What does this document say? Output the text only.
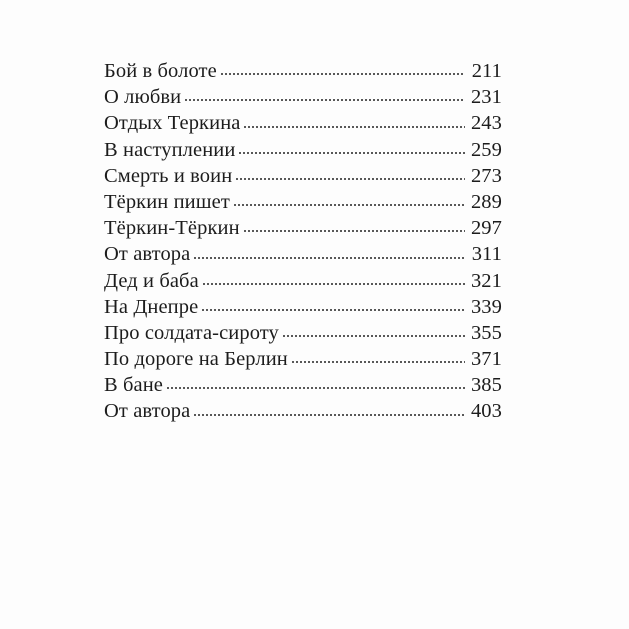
Бой в болоте	211
О любви	231
Отдых Теркина	243
В наступлении	259
Смерть и воин	273
Тёркин пишет	289
Тёркин-Тёркин	297
От автора	311
Дед и баба	321
На Днепре	339
Про солдата-сироту	355
По дороге на Берлин	371
В бане	385
От автора	403
